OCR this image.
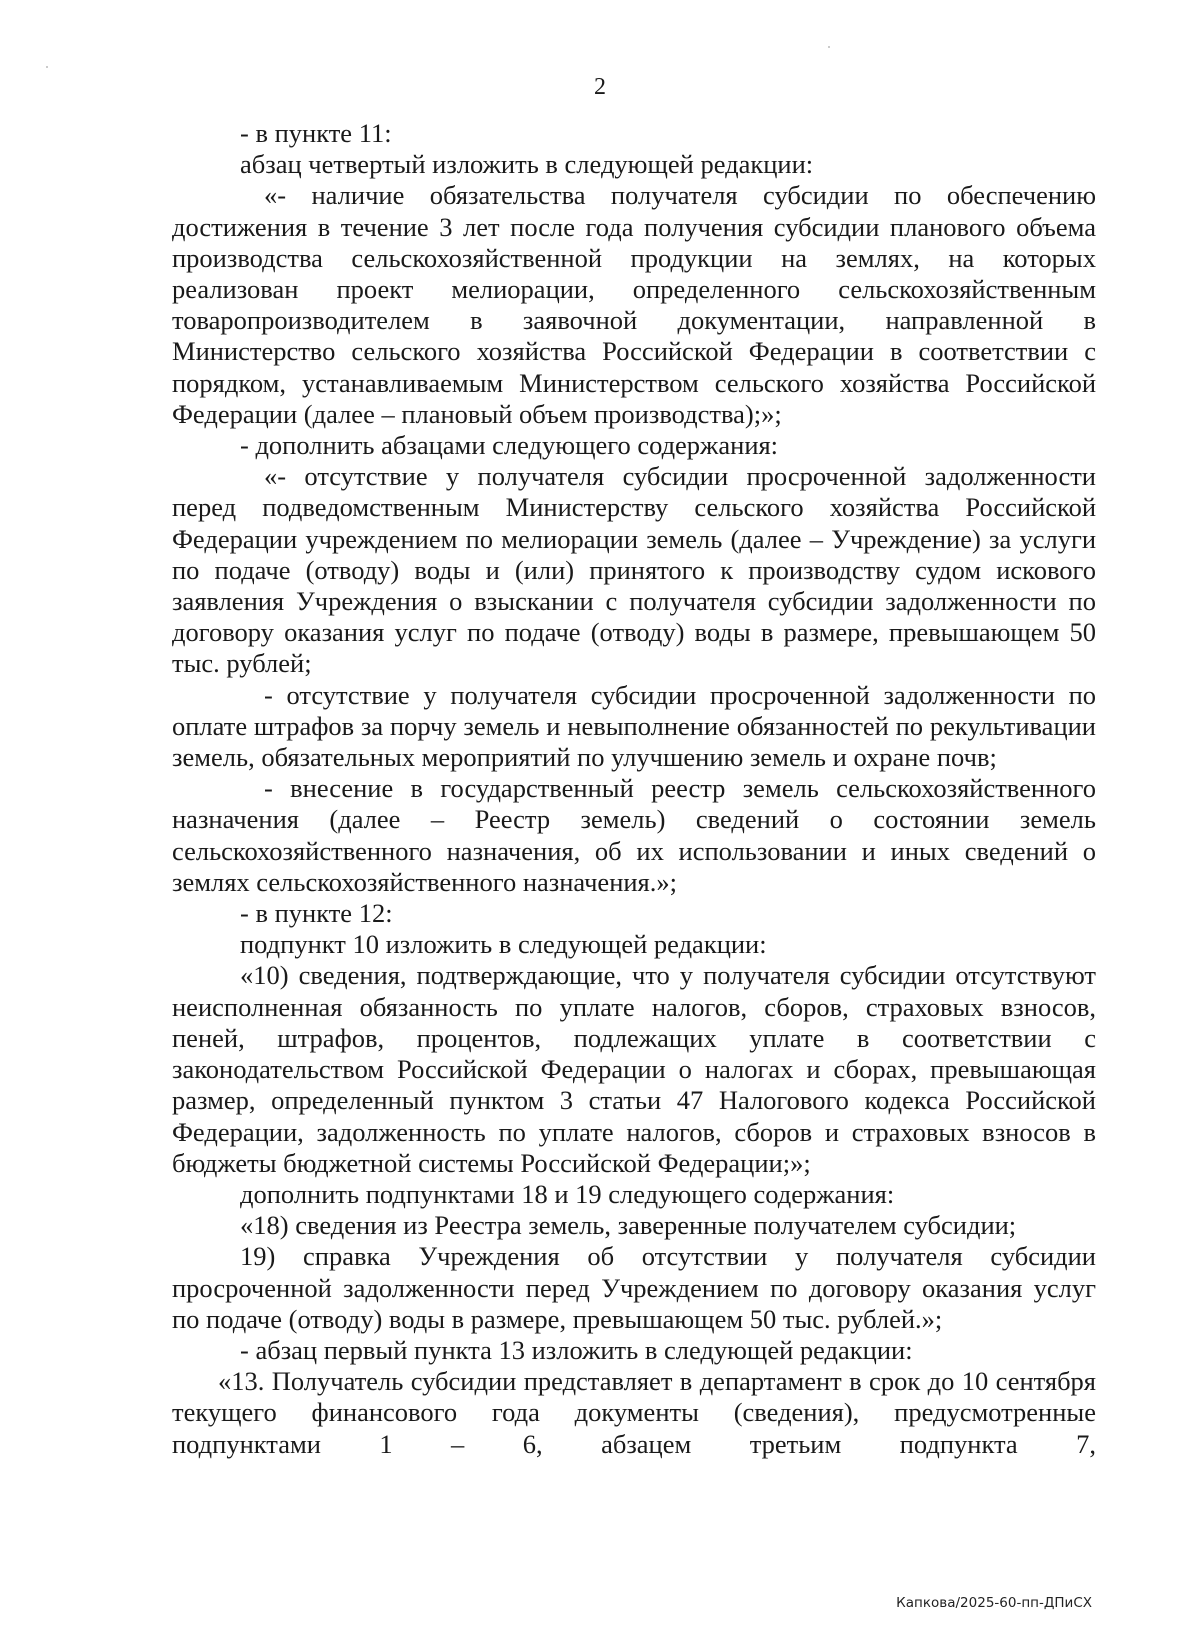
2

- в пункте 11:

абзац четвертый изложить в следующей редакции:

«- наличие обязательства получателя субсидии по обеспечению достижения в течение 3 лет после года получения субсидии планового объема производства сельскохозяйственной продукции на землях, на которых реализован проект мелиорации, определенного сельскохозяйственным товаропроизводителем в заявочной документации, направленной в Министерство сельского хозяйства Российской Федерации в соответствии с порядком, устанавливаемым Министерством сельского хозяйства Российской Федерации (далее – плановый объем производства);»;

- дополнить абзацами следующего содержания:

«- отсутствие у получателя субсидии просроченной задолженности перед подведомственным Министерству сельского хозяйства Российской Федерации учреждением по мелиорации земель (далее – Учреждение) за услуги по подаче (отводу) воды и (или) принятого к производству судом искового заявления Учреждения о взыскании с получателя субсидии задолженности по договору оказания услуг по подаче (отводу) воды в размере, превышающем 50 тыс. рублей;

- отсутствие у получателя субсидии просроченной задолженности по оплате штрафов за порчу земель и невыполнение обязанностей по рекультивации земель, обязательных мероприятий по улучшению земель и охране почв;

- внесение в государственный реестр земель сельскохозяйственного назначения (далее – Реестр земель) сведений о состоянии земель сельскохозяйственного назначения, об их использовании и иных сведений о землях сельскохозяйственного назначения.»;

- в пункте 12:

подпункт 10 изложить в следующей редакции:

«10) сведения, подтверждающие, что у получателя субсидии отсутствуют неисполненная обязанность по уплате налогов, сборов, страховых взносов, пеней, штрафов, процентов, подлежащих уплате в соответствии с законодательством Российской Федерации о налогах и сборах, превышающая размер, определенный пунктом 3 статьи 47 Налогового кодекса Российской Федерации, задолженность по уплате налогов, сборов и страховых взносов в бюджеты бюджетной системы Российской Федерации;»;

дополнить подпунктами 18 и 19 следующего содержания:

«18) сведения из Реестра земель, заверенные получателем субсидии;

19) справка Учреждения об отсутствии у получателя субсидии просроченной задолженности перед Учреждением по договору оказания услуг по подаче (отводу) воды в размере, превышающем 50 тыс. рублей.»;

- абзац первый пункта 13 изложить в следующей редакции:

«13. Получатель субсидии представляет в департамент в срок до 10 сентября текущего финансового года документы (сведения), предусмотренные подпунктами 1 – 6, абзацем третьим подпункта 7,

Капкова/2025-60-пп-ДПиСХ
